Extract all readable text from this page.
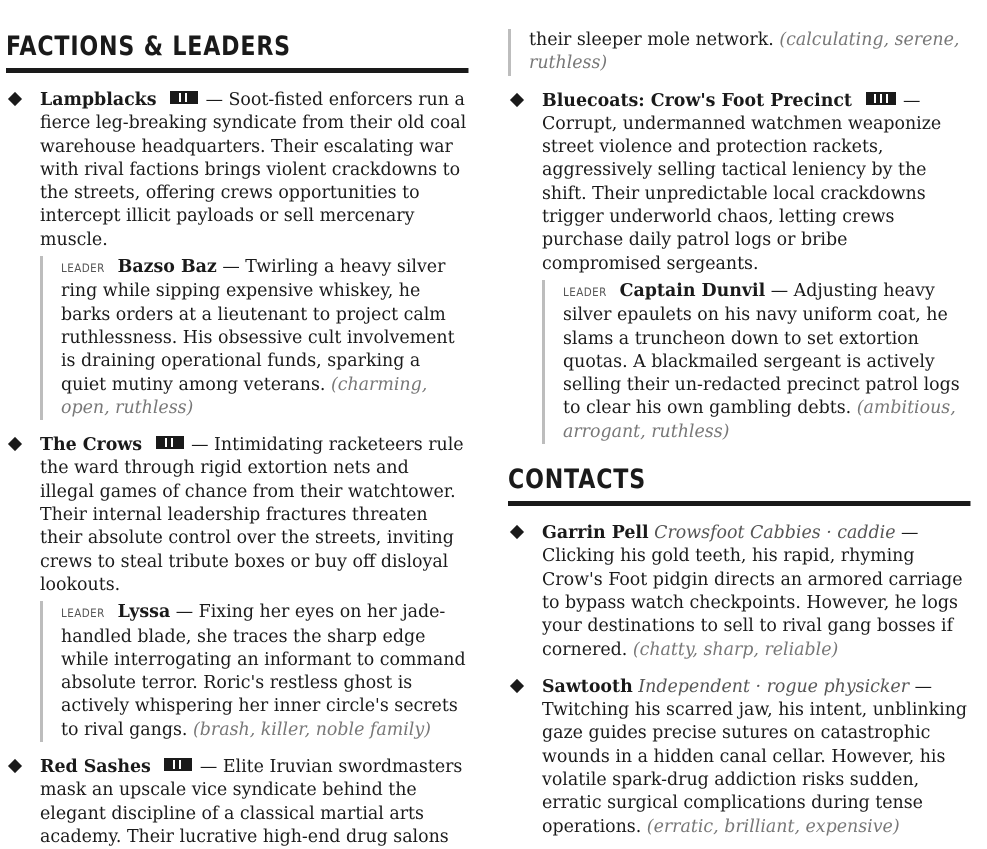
FACTIONS & LEADERS
Lampblacks	— Soot-fisted enforcers run a fierce leg-breaking syndicate from their old coal warehouse headquarters. Their escalating war with rival factions brings violent crackdowns to the streets, offering crews opportunities to intercept illicit payloads or sell mercenary muscle.
LEADER Bazso Baz — Twirling a heavy silver ring while sipping expensive whiskey, he barks orders at a lieutenant to project calm ruthlessness. His obsessive cult involvement is draining operational funds, sparking a quiet mutiny among veterans. (charming, open, ruthless)
The Crows	— Intimidating racketeers rule the ward through rigid extortion nets and illegal games of chance from their watchtower. Their internal leadership fractures threaten their absolute control over the streets, inviting crews to steal tribute boxes or buy off disloyal lookouts.
LEADER Lyssa — Fixing her eyes on her jade-handled blade, she traces the sharp edge while interrogating an informant to command absolute terror. Roric's restless ghost is actively whispering her inner circle's secrets to rival gangs. (brash, killer, noble family)
Red Sashes	— Elite Iruvian swordmasters mask an upscale vice syndicate behind the elegant discipline of a classical martial arts academy. Their lucrative high-end drug salons
their sleeper mole network. (calculating, serene, ruthless)
Bluecoats: Crow's Foot Precinct	— Corrupt, undermanned watchmen weaponize street violence and protection rackets, aggressively selling tactical leniency by the shift. Their unpredictable local crackdowns trigger underworld chaos, letting crews purchase daily patrol logs or bribe compromised sergeants.
LEADER Captain Dunvil — Adjusting heavy silver epaulets on his navy uniform coat, he slams a truncheon down to set extortion quotas. A blackmailed sergeant is actively selling their un-redacted precinct patrol logs to clear his own gambling debts. (ambitious, arrogant, ruthless)
CONTACTS
Garrin Pell Crowsfoot Cabbies · caddie — Clicking his gold teeth, his rapid, rhyming Crow's Foot pidgin directs an armored carriage to bypass watch checkpoints. However, he logs your destinations to sell to rival gang bosses if cornered. (chatty, sharp, reliable)
Sawtooth Independent · rogue physicker — Twitching his scarred jaw, his intent, unblinking gaze guides precise sutures on catastrophic wounds in a hidden canal cellar. However, his volatile spark-drug addiction risks sudden, erratic surgical complications during tense operations. (erratic, brilliant, expensive)
